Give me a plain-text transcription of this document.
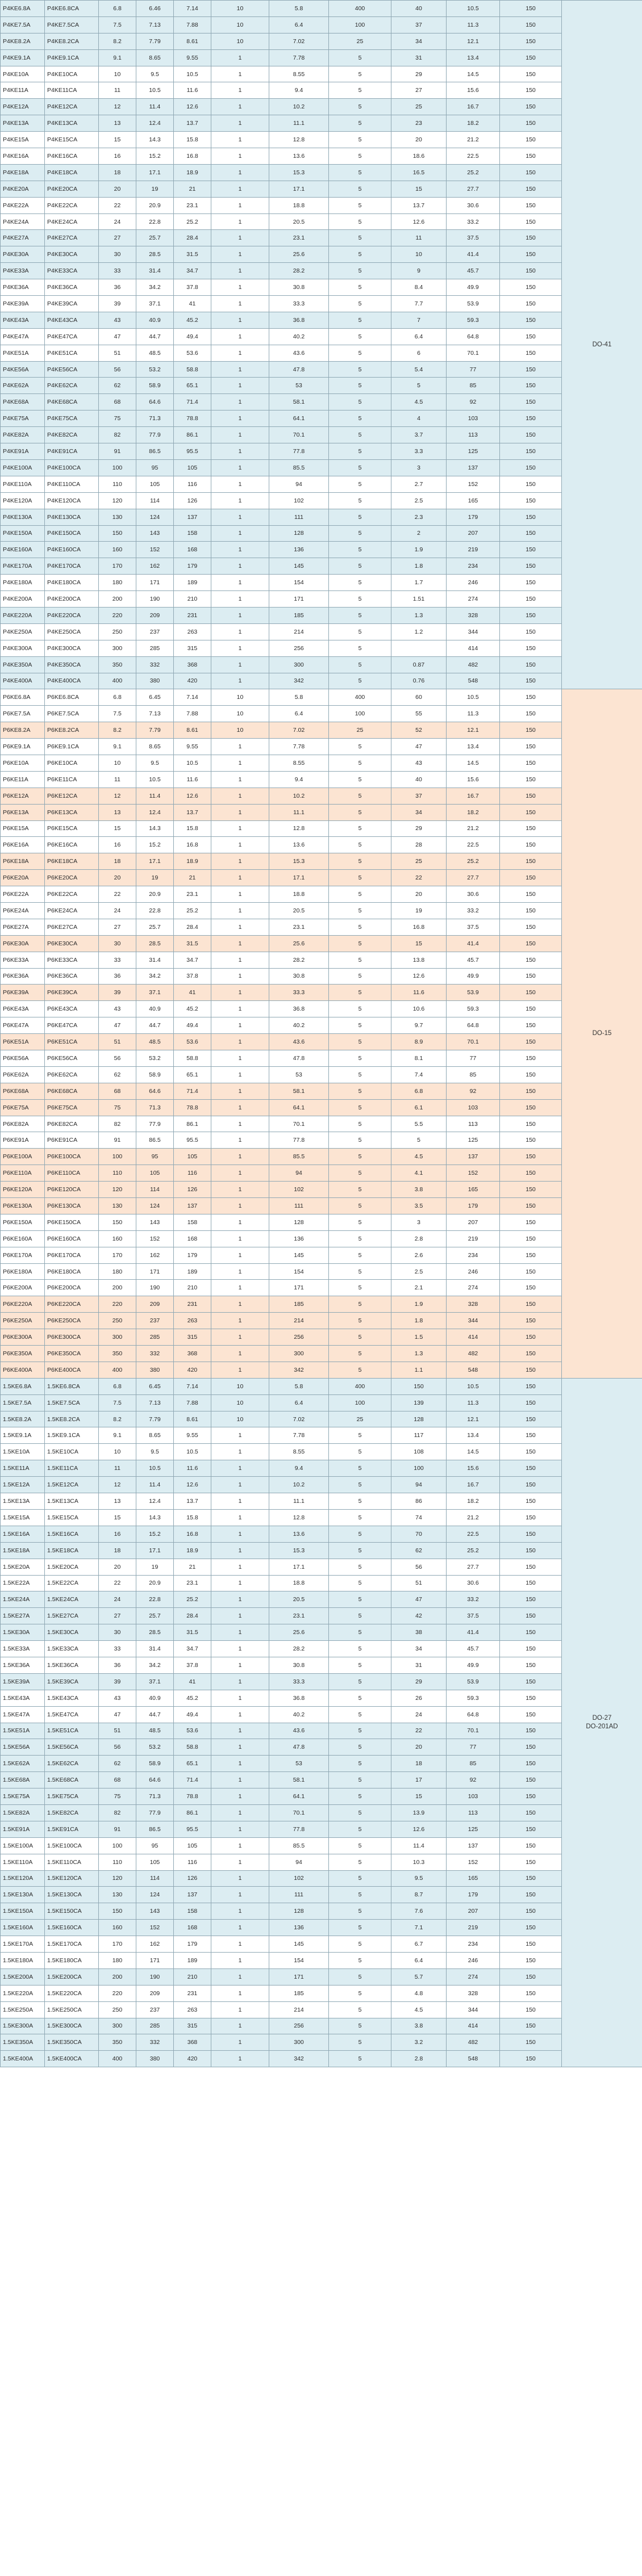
P4KE6.8A	P4KE6.8CA	6.8	6.46	7.14	10	5.8	400	40	10.5	150	DO-41

P4KE7.5A	P4KE7.5CA	7.5	7.13	7.88	10	6.4	100	37	11.3	150	
P4KE8.2A	P4KE8.2CA	8.2	7.79	8.61	10	7.02	25	34	12.1	150	
P4KE9.1A	P4KE9.1CA	9.1	8.65	9.55	1	7.78	5	31	13.4	150	
P4KE10A	P4KE10CA	10	9.5	10.5	1	8.55	5	29	14.5	150	
P4KE11A	P4KE11CA	11	10.5	11.6	1	9.4	5	27	15.6	150	
P4KE12A	P4KE12CA	12	11.4	12.6	1	10.2	5	25	16.7	150	
P4KE13A	P4KE13CA	13	12.4	13.7	1	11.1	5	23	18.2	150	
P4KE15A	P4KE15CA	15	14.3	15.8	1	12.8	5	20	21.2	150	
P4KE16A	P4KE16CA	16	15.2	16.8	1	13.6	5	18.6	22.5	150	
P4KE18A	P4KE18CA	18	17.1	18.9	1	15.3	5	16.5	25.2	150	
P4KE20A	P4KE20CA	20	19	21	1	17.1	5	15	27.7	150	
P4KE22A	P4KE22CA	22	20.9	23.1	1	18.8	5	13.7	30.6	150	
P4KE24A	P4KE24CA	24	22.8	25.2	1	20.5	5	12.6	33.2	150	
P4KE27A	P4KE27CA	27	25.7	28.4	1	23.1	5	11	37.5	150	
P4KE30A	P4KE30CA	30	28.5	31.5	1	25.6	5	10	41.4	150	
P4KE33A	P4KE33CA	33	31.4	34.7	1	28.2	5	9	45.7	150	
P4KE36A	P4KE36CA	36	34.2	37.8	1	30.8	5	8.4	49.9	150	
P4KE39A	P4KE39CA	39	37.1	41	1	33.3	5	7.7	53.9	150	
P4KE43A	P4KE43CA	43	40.9	45.2	1	36.8	5	7	59.3	150	
P4KE47A	P4KE47CA	47	44.7	49.4	1	40.2	5	6.4	64.8	150	
P4KE51A	P4KE51CA	51	48.5	53.6	1	43.6	5	6	70.1	150	
P4KE56A	P4KE56CA	56	53.2	58.8	1	47.8	5	5.4	77	150	
P4KE62A	P4KE62CA	62	58.9	65.1	1	53	5	5	85	150	
P4KE68A	P4KE68CA	68	64.6	71.4	1	58.1	5	4.5	92	150	
P4KE75A	P4KE75CA	75	71.3	78.8	1	64.1	5	4	103	150	
P4KE82A	P4KE82CA	82	77.9	86.1	1	70.1	5	3.7	113	150	
P4KE91A	P4KE91CA	91	86.5	95.5	1	77.8	5	3.3	125	150	
P4KE100A	P4KE100CA	100	95	105	1	85.5	5	3	137	150	
P4KE110A	P4KE110CA	110	105	116	1	94	5	2.7	152	150	
P4KE120A	P4KE120CA	120	114	126	1	102	5	2.5	165	150	
P4KE130A	P4KE130CA	130	124	137	1	111	5	2.3	179	150	
P4KE150A	P4KE150CA	150	143	158	1	128	5	2	207	150	
P4KE160A	P4KE160CA	160	152	168	1	136	5	1.9	219	150	
P4KE170A	P4KE170CA	170	162	179	1	145	5	1.8	234	150	
P4KE180A	P4KE180CA	180	171	189	1	154	5	1.7	246	150	
P4KE200A	P4KE200CA	200	190	210	1	171	5	1.51	274	150	
P4KE220A	P4KE220CA	220	209	231	1	185	5	1.3	328	150	
P4KE250A	P4KE250CA	250	237	263	1	214	5	1.2	344	150	
P4KE300A	P4KE300CA	300	285	315	1	256	5		414	150	
P4KE350A	P4KE350CA	350	332	368	1	300	5	0.87	482	150	
P4KE400A	P4KE400CA	400	380	420	1	342	5	0.76	548	150	
P6KE6.8A	P6KE6.8CA	6.8	6.45	7.14	10	5.8	400	60	10.5	150	DO-15

P6KE7.5A	P6KE7.5CA	7.5	7.13	7.88	10	6.4	100	55	11.3	150	
P6KE8.2A	P6KE8.2CA	8.2	7.79	8.61	10	7.02	25	52	12.1	150	
P6KE9.1A	P6KE9.1CA	9.1	8.65	9.55	1	7.78	5	47	13.4	150	
P6KE10A	P6KE10CA	10	9.5	10.5	1	8.55	5	43	14.5	150	
P6KE11A	P6KE11CA	11	10.5	11.6	1	9.4	5	40	15.6	150	
P6KE12A	P6KE12CA	12	11.4	12.6	1	10.2	5	37	16.7	150	
P6KE13A	P6KE13CA	13	12.4	13.7	1	11.1	5	34	18.2	150	
P6KE15A	P6KE15CA	15	14.3	15.8	1	12.8	5	29	21.2	150	
P6KE16A	P6KE16CA	16	15.2	16.8	1	13.6	5	28	22.5	150	
P6KE18A	P6KE18CA	18	17.1	18.9	1	15.3	5	25	25.2	150	
P6KE20A	P6KE20CA	20	19	21	1	17.1	5	22	27.7	150	
P6KE22A	P6KE22CA	22	20.9	23.1	1	18.8	5	20	30.6	150	
P6KE24A	P6KE24CA	24	22.8	25.2	1	20.5	5	19	33.2	150	
P6KE27A	P6KE27CA	27	25.7	28.4	1	23.1	5	16.8	37.5	150	
P6KE30A	P6KE30CA	30	28.5	31.5	1	25.6	5	15	41.4	150	
P6KE33A	P6KE33CA	33	31.4	34.7	1	28.2	5	13.8	45.7	150	
P6KE36A	P6KE36CA	36	34.2	37.8	1	30.8	5	12.6	49.9	150	
P6KE39A	P6KE39CA	39	37.1	41	1	33.3	5	11.6	53.9	150	
P6KE43A	P6KE43CA	43	40.9	45.2	1	36.8	5	10.6	59.3	150	
P6KE47A	P6KE47CA	47	44.7	49.4	1	40.2	5	9.7	64.8	150	
P6KE51A	P6KE51CA	51	48.5	53.6	1	43.6	5	8.9	70.1	150	
P6KE56A	P6KE56CA	56	53.2	58.8	1	47.8	5	8.1	77	150	
P6KE62A	P6KE62CA	62	58.9	65.1	1	53	5	7.4	85	150	
P6KE68A	P6KE68CA	68	64.6	71.4	1	58.1	5	6.8	92	150	
P6KE75A	P6KE75CA	75	71.3	78.8	1	64.1	5	6.1	103	150	
P6KE82A	P6KE82CA	82	77.9	86.1	1	70.1	5	5.5	113	150	
P6KE91A	P6KE91CA	91	86.5	95.5	1	77.8	5	5	125	150	
P6KE100A	P6KE100CA	100	95	105	1	85.5	5	4.5	137	150	
P6KE110A	P6KE110CA	110	105	116	1	94	5	4.1	152	150	
P6KE120A	P6KE120CA	120	114	126	1	102	5	3.8	165	150	
P6KE130A	P6KE130CA	130	124	137	1	111	5	3.5	179	150	
P6KE150A	P6KE150CA	150	143	158	1	128	5	3	207	150	
P6KE160A	P6KE160CA	160	152	168	1	136	5	2.8	219	150	
P6KE170A	P6KE170CA	170	162	179	1	145	5	2.6	234	150	
P6KE180A	P6KE180CA	180	171	189	1	154	5	2.5	246	150	
P6KE200A	P6KE200CA	200	190	210	1	171	5	2.1	274	150	
P6KE220A	P6KE220CA	220	209	231	1	185	5	1.9	328	150	
P6KE250A	P6KE250CA	250	237	263	1	214	5	1.8	344	150	
P6KE300A	P6KE300CA	300	285	315	1	256	5	1.5	414	150	
P6KE350A	P6KE350CA	350	332	368	1	300	5	1.3	482	150	
P6KE400A	P6KE400CA	400	380	420	1	342	5	1.1	548	150	
1.5KE6.8A	1.5KE6.8CA	6.8	6.45	7.14	10	5.8	400	150	10.5	150	DO-27
DO-201AD

1.5KE7.5A	1.5KE7.5CA	7.5	7.13	7.88	10	6.4	100	139	11.3	150	
1.5KE8.2A	1.5KE8.2CA	8.2	7.79	8.61	10	7.02	25	128	12.1	150	
1.5KE9.1A	1.5KE9.1CA	9.1	8.65	9.55	1	7.78	5	117	13.4	150	
1.5KE10A	1.5KE10CA	10	9.5	10.5	1	8.55	5	108	14.5	150	
1.5KE11A	1.5KE11CA	11	10.5	11.6	1	9.4	5	100	15.6	150	
1.5KE12A	1.5KE12CA	12	11.4	12.6	1	10.2	5	94	16.7	150	
1.5KE13A	1.5KE13CA	13	12.4	13.7	1	11.1	5	86	18.2	150	
1.5KE15A	1.5KE15CA	15	14.3	15.8	1	12.8	5	74	21.2	150	
1.5KE16A	1.5KE16CA	16	15.2	16.8	1	13.6	5	70	22.5	150	
1.5KE18A	1.5KE18CA	18	17.1	18.9	1	15.3	5	62	25.2	150	
1.5KE20A	1.5KE20CA	20	19	21	1	17.1	5	56	27.7	150	
1.5KE22A	1.5KE22CA	22	20.9	23.1	1	18.8	5	51	30.6	150	
1.5KE24A	1.5KE24CA	24	22.8	25.2	1	20.5	5	47	33.2	150	
1.5KE27A	1.5KE27CA	27	25.7	28.4	1	23.1	5	42	37.5	150	
1.5KE30A	1.5KE30CA	30	28.5	31.5	1	25.6	5	38	41.4	150	
1.5KE33A	1.5KE33CA	33	31.4	34.7	1	28.2	5	34	45.7	150	
1.5KE36A	1.5KE36CA	36	34.2	37.8	1	30.8	5	31	49.9	150	
1.5KE39A	1.5KE39CA	39	37.1	41	1	33.3	5	29	53.9	150	
1.5KE43A	1.5KE43CA	43	40.9	45.2	1	36.8	5	26	59.3	150	
1.5KE47A	1.5KE47CA	47	44.7	49.4	1	40.2	5	24	64.8	150	
1.5KE51A	1.5KE51CA	51	48.5	53.6	1	43.6	5	22	70.1	150	
1.5KE56A	1.5KE56CA	56	53.2	58.8	1	47.8	5	20	77	150	
1.5KE62A	1.5KE62CA	62	58.9	65.1	1	53	5	18	85	150	
1.5KE68A	1.5KE68CA	68	64.6	71.4	1	58.1	5	17	92	150	
1.5KE75A	1.5KE75CA	75	71.3	78.8	1	64.1	5	15	103	150	
1.5KE82A	1.5KE82CA	82	77.9	86.1	1	70.1	5	13.9	113	150	
1.5KE91A	1.5KE91CA	91	86.5	95.5	1	77.8	5	12.6	125	150	
1.5KE100A	1.5KE100CA	100	95	105	1	85.5	5	11.4	137	150	
1.5KE110A	1.5KE110CA	110	105	116	1	94	5	10.3	152	150	
1.5KE120A	1.5KE120CA	120	114	126	1	102	5	9.5	165	150	
1.5KE130A	1.5KE130CA	130	124	137	1	111	5	8.7	179	150	
1.5KE150A	1.5KE150CA	150	143	158	1	128	5	7.6	207	150	
1.5KE160A	1.5KE160CA	160	152	168	1	136	5	7.1	219	150	
1.5KE170A	1.5KE170CA	170	162	179	1	145	5	6.7	234	150	
1.5KE180A	1.5KE180CA	180	171	189	1	154	5	6.4	246	150	
1.5KE200A	1.5KE200CA	200	190	210	1	171	5	5.7	274	150	
1.5KE220A	1.5KE220CA	220	209	231	1	185	5	4.8	328	150	
1.5KE250A	1.5KE250CA	250	237	263	1	214	5	4.5	344	150	
1.5KE300A	1.5KE300CA	300	285	315	1	256	5	3.8	414	150	
1.5KE350A	1.5KE350CA	350	332	368	1	300	5	3.2	482	150	
1.5KE400A	1.5KE400CA	400	380	420	1	342	5	2.8	548	150	
